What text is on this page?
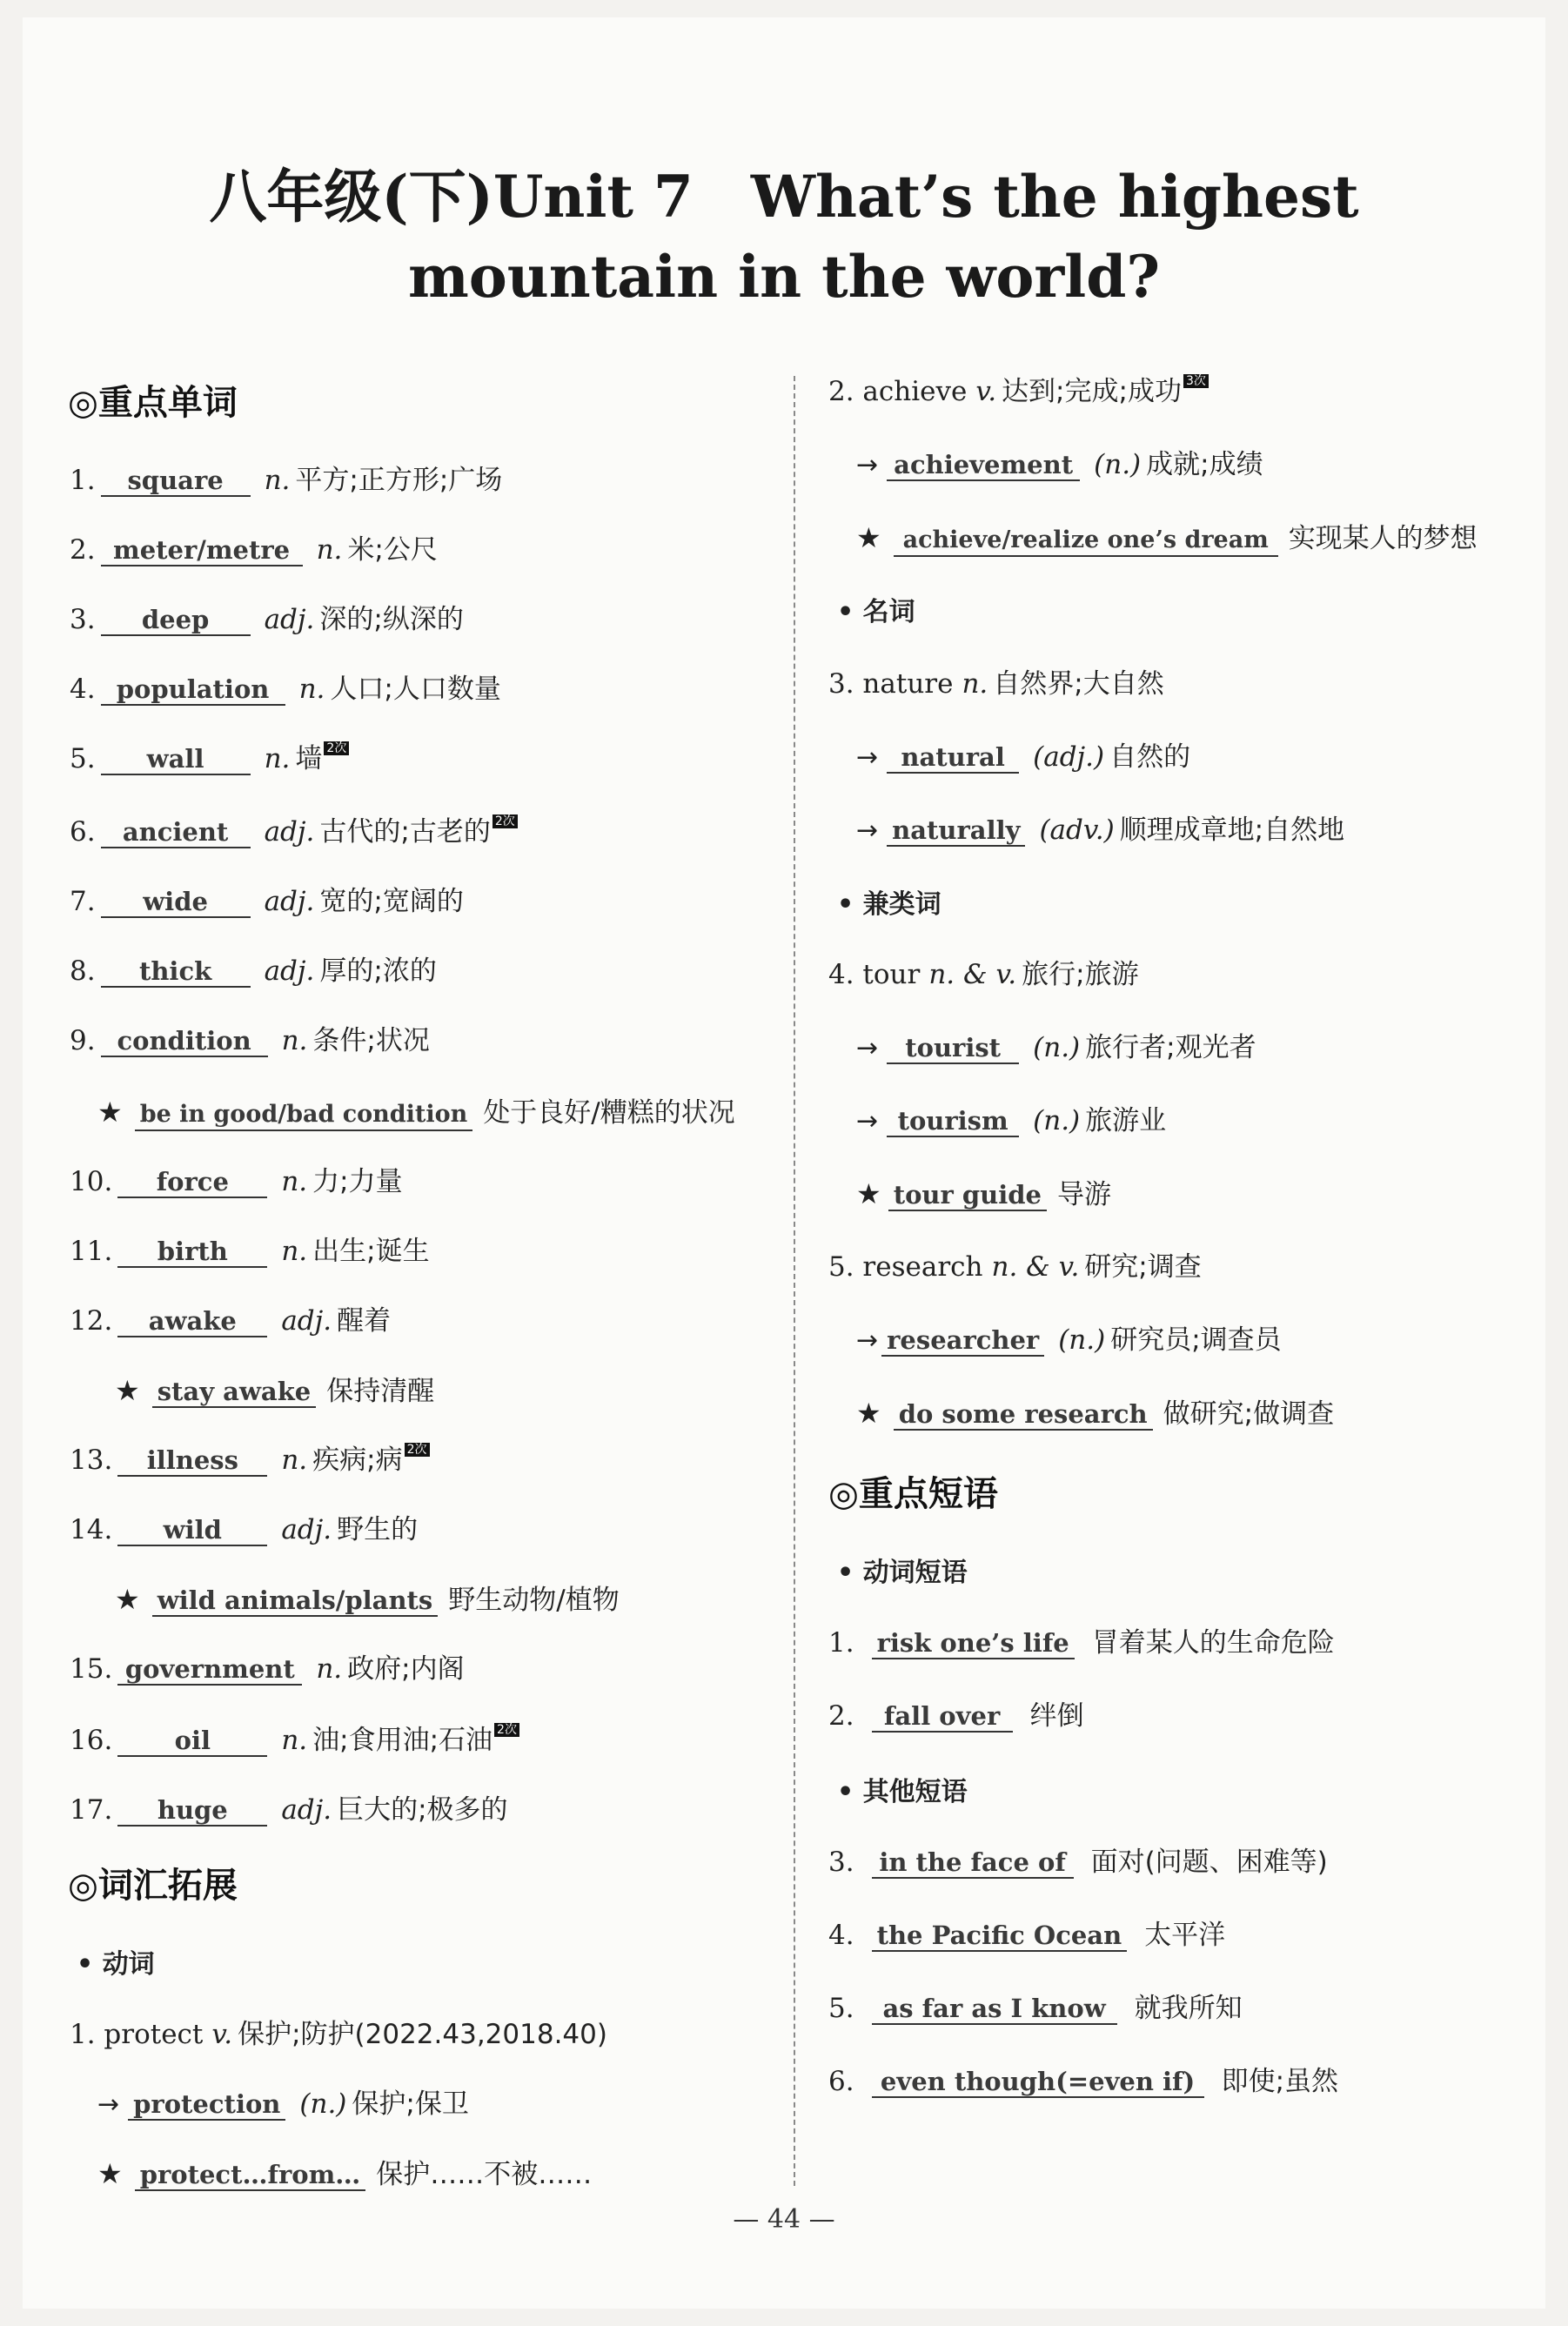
八年级(下)Unit 7　What’s the highest
mountain in the world?
◎重点单词
1. square n. 平方;正方形;广场
2. meter/metre n. 米;公尺
3. deep adj. 深的;纵深的
4. population n. 人口;人口数量
5. wall n. 墙 2次
6. ancient adj. 古代的;古老的 2次
7. wide adj. 宽的;宽阔的
8. thick adj. 厚的;浓的
9. condition n. 条件;状况
10. force n. 力;力量
11. birth n. 出生;诞生
12. awake adj. 醒着
13. illness n. 疾病;病 2次
14. wild adj. 野生的
15. government n. 政府;内阁
16. oil	n. 油;食用油;石油 2次
17. huge adj. 巨大的;极多的
★ be in good/bad condition 处于良好/糟糕的状况
★ stay awake 保持清醒
★ wild animals/plants 野生动物/植物
◎词汇拓展
• 动词
1. protect v. 保护;防护(2022.43,2018.40)
→ protection (n.) 保护;保卫
★ protect…from… 保护……不被……
2. achieve v. 达到;完成;成功 3次
→ achievement (n.) 成就;成绩
★ achieve/realize one’s dream 实现某人的梦想
• 名词
3. nature n. 自然界;大自然
→ natural (adj.) 自然的
→ naturally (adv.) 顺理成章地;自然地
• 兼类词
4. tour n. & v. 旅行;旅游
→ tourist (n.) 旅行者;观光者
→ tourism (n.) 旅游业
★ tour guide 导游
5. research n. & v. 研究;调查
→ researcher (n.) 研究员;调查员
★ do some research 做研究;做调查
◎重点短语
• 动词短语
1. risk one’s life 冒着某人的生命危险
2. fall over 绊倒
• 其他短语
3. in the face of 面对(问题、困难等)
4. the Pacific Ocean 太平洋
5. as far as I know 就我所知
6. even though(=even if) 即使;虽然
— 44 —
